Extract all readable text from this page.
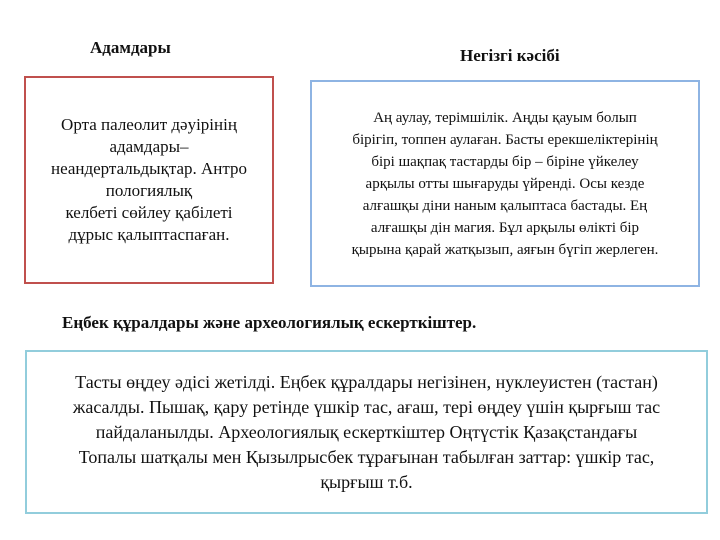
Адамдары	Негізгі кәсібі
Орта палеолит дәуірінің
адамдары–
неандертальдықтар. Антро
пологиялық
келбеті сөйлеу қабілеті
дұрыс қалыптаспаған.
Аң аулау, терімшілік. Аңды қауым болып
бірігіп, топпен аулаған. Басты ерекшеліктерінің
бірі шақпақ тастарды бір – біріне үйкелеу
арқылы отты шығаруды үйренді. Осы кезде
алғашқы діни наным қалыптаса бастады. Ең
алғашқы дін магия. Бұл арқылы өлікті бір
қырына қарай жатқызып, аяғын бүгіп жерлеген.
Еңбек құралдары және археологиялық ескерткіштер.
Тасты өңдеу әдісі жетілді. Еңбек құралдары негізінен, нуклеуистен (тастан)
жасалды. Пышақ, қару ретінде үшкір тас, ағаш, тері өңдеу үшін қырғыш тас
пайдаланылды. Археологиялық ескерткіштер Оңтүстік Қазақстандағы
Топалы шатқалы мен Қызылрысбек тұрағынан табылған заттар: үшкір тас,
қырғыш т.б.
